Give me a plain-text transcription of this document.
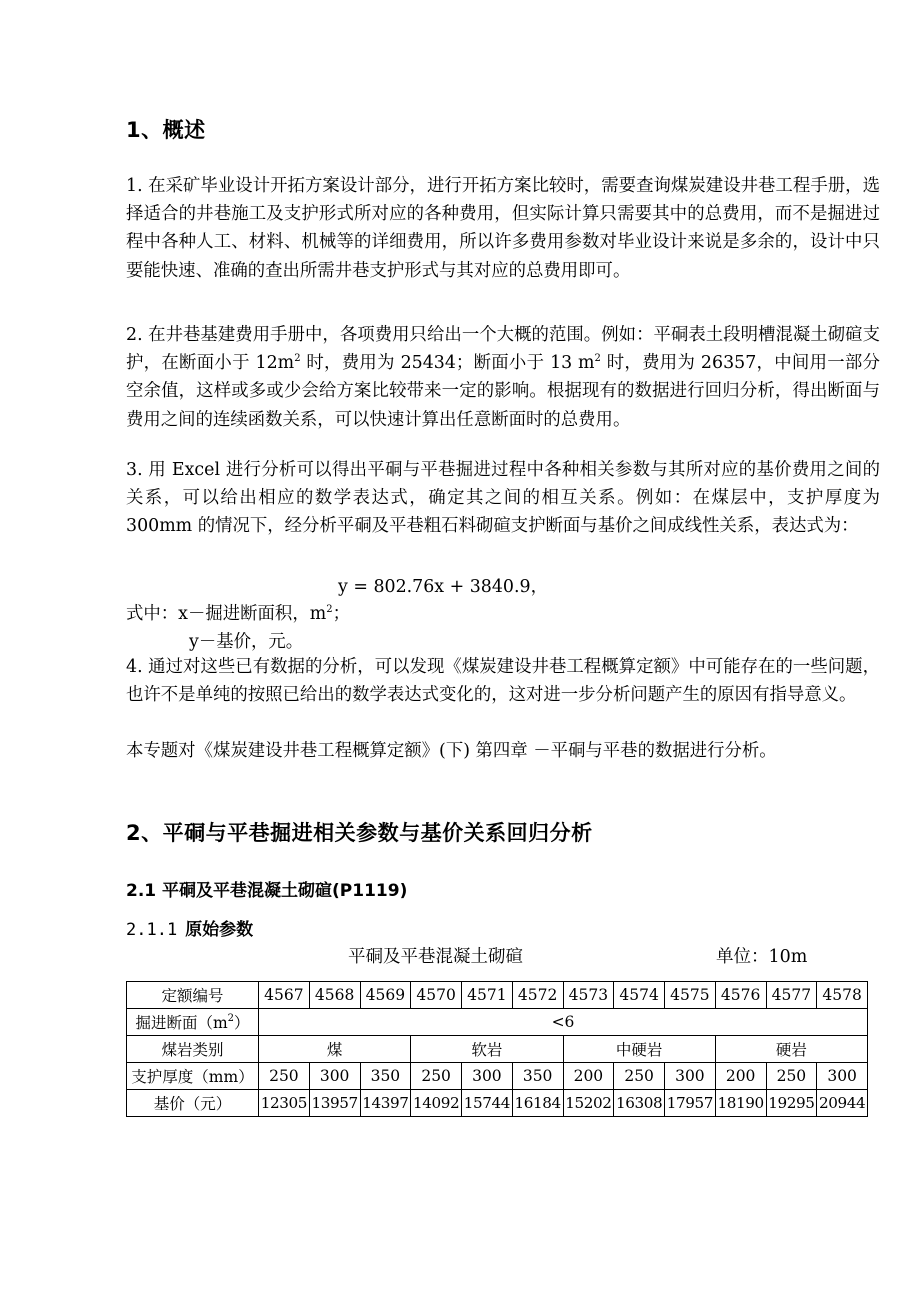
1、概述

1. 在采矿毕业设计开拓方案设计部分，进行开拓方案比较时，需要查询煤炭建设井巷工程手册，选择适合的井巷施工及支护形式所对应的各种费用，但实际计算只需要其中的总费用，而不是掘进过程中各种人工、材料、机械等的详细费用，所以许多费用参数对毕业设计来说是多余的，设计中只要能快速、准确的查出所需井巷支护形式与其对应的总费用即可。

2. 在井巷基建费用手册中，各项费用只给出一个大概的范围。例如：平硐表土段明槽混凝土砌碹支护，在断面小于 $12m^2$ 时，费用为 25434；断面小于 13 $m^2$ 时，费用为 26357，中间用一部分空余值，这样或多或少会给方案比较带来一定的影响。根据现有的数据进行回归分析，得出断面与费用之间的连续函数关系，可以快速计算出任意断面时的总费用。

3. 用 Excel 进行分析可以得出平硐与平巷掘进过程中各种相关参数与其所对应的基价费用之间的关系，可以给出相应的数学表达式，确定其之间的相互关系。例如：在煤层中，支护厚度为 300mm 的情况下，经分析平硐及平巷粗石料砌碹支护断面与基价之间成线性关系，表达式为：

y = 802.76x + 3840.9，
式中：x－掘进断面积，$m^2$；
y－基价，元。

4. 通过对这些已有数据的分析，可以发现《煤炭建设井巷工程概算定额》中可能存在的一些问题，也许不是单纯的按照已给出的数学表达式变化的，这对进一步分析问题产生的原因有指导意义。

本专题对《煤炭建设井巷工程概算定额》(下) 第四章 －平硐与平巷的数据进行分析。

2、平硐与平巷掘进相关参数与基价关系回归分析
2.1 平硐及平巷混凝土砌碹(P1119)
2.1.1 原始参数
平硐及平巷混凝土砌碹	单位：10m
定额编号	4567	4568	4569	4570	4571	4572	4573	4574	4575	4576	4577	4578
掘进断面$(m^2)$	<6											
煤岩类别	煤			软岩			中硬岩			硬岩		
支护厚度（mm）	250	300	350	250	300	350	200	250	300	200	250	300
基价（元）	12305	13957	14397	14092	15744	16184	15202	16308	17957	18190	19295	20944
